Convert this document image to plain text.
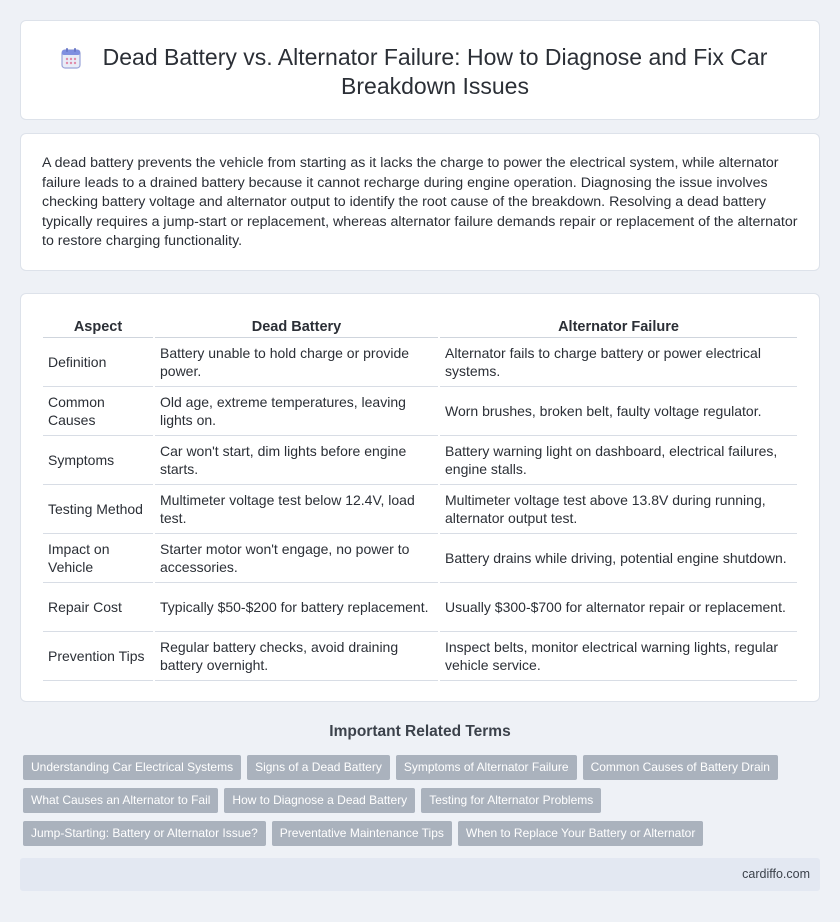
Dead Battery vs. Alternator Failure: How to Diagnose and Fix Car Breakdown Issues

A dead battery prevents the vehicle from starting as it lacks the charge to power the electrical system, while alternator failure leads to a drained battery because it cannot recharge during engine operation. Diagnosing the issue involves checking battery voltage and alternator output to identify the root cause of the breakdown. Resolving a dead battery typically requires a jump-start or replacement, whereas alternator failure demands repair or replacement of the alternator to restore charging functionality.

Aspect	Dead Battery	Alternator Failure
Definition	Battery unable to hold charge or provide power.	Alternator fails to charge battery or power electrical systems.
Common Causes	Old age, extreme temperatures, leaving lights on.	Worn brushes, broken belt, faulty voltage regulator.
Symptoms	Car won't start, dim lights before engine starts.	Battery warning light on dashboard, electrical failures, engine stalls.
Testing Method	Multimeter voltage test below 12.4V, load test.	Multimeter voltage test above 13.8V during running, alternator output test.
Impact on Vehicle	Starter motor won't engage, no power to accessories.	Battery drains while driving, potential engine shutdown.
Repair Cost	Typically $50-$200 for battery replacement.	Usually $300-$700 for alternator repair or replacement.
Prevention Tips	Regular battery checks, avoid draining battery overnight.	Inspect belts, monitor electrical warning lights, regular vehicle service.
Important Related Terms
Understanding Car Electrical Systems	Signs of a Dead Battery	Symptoms of Alternator Failure	Common Causes of Battery Drain
What Causes an Alternator to Fail	How to Diagnose a Dead Battery	Testing for Alternator Problems
Jump-Starting: Battery or Alternator Issue?	Preventative Maintenance Tips	When to Replace Your Battery or Alternator
cardiffo.com
